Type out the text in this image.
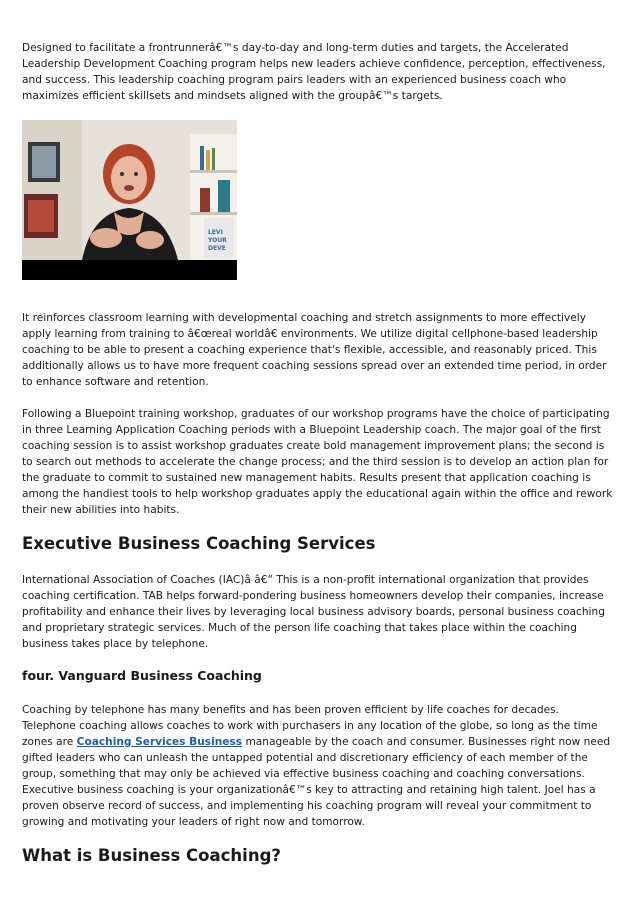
Designed to facilitate a frontrunnerâ€™s day-to-day and long-term duties and targets, the Accelerated Leadership Development Coaching program helps new leaders achieve confidence, perception, effectiveness, and success. This leadership coaching program pairs leaders with an experienced business coach who maximizes efficient skillsets and mindsets aligned with the groupâ€™s targets.

LEVI
YOUR
DEVE

It reinforces classroom learning with developmental coaching and stretch assignments to more effectively apply learning from training to â€œreal worldâ€ environments. We utilize digital cellphone-based leadership coaching to be able to present a coaching experience that's flexible, accessible, and reasonably priced. This additionally allows us to have more frequent coaching sessions spread over an extended time period, in order to enhance software and retention.

Following a Bluepoint training workshop, graduates of our workshop programs have the choice of participating in three Learning Application Coaching periods with a Bluepoint Leadership coach. The major goal of the first coaching session is to assist workshop graduates create bold management improvement plans; the second is to search out methods to accelerate the change process; and the third session is to develop an action plan for the graduate to commit to sustained new management habits. Results present that application coaching is among the handiest tools to help workshop graduates apply the educational again within the office and rework their new abilities into habits.

Executive Business Coaching Services

International Association of Coaches (IAC)â â€“ This is a non-profit international organization that provides coaching certification. TAB helps forward-pondering business homeowners develop their companies, increase profitability and enhance their lives by leveraging local business advisory boards, personal business coaching and proprietary strategic services. Much of the person life coaching that takes place within the coaching business takes place by telephone.

four. Vanguard Business Coaching

Coaching by telephone has many benefits and has been proven efficient by life coaches for decades. Telephone coaching allows coaches to work with purchasers in any location of the globe, so long as the time zones are Coaching Services Business manageable by the coach and consumer. Businesses right now need gifted leaders who can unleash the untapped potential and discretionary efficiency of each member of the group, something that may only be achieved via effective business coaching and coaching conversations. Executive business coaching is your organizationâ€™s key to attracting and retaining high talent. Joel has a proven observe record of success, and implementing his coaching program will reveal your commitment to growing and motivating your leaders of right now and tomorrow.

What is Business Coaching?
